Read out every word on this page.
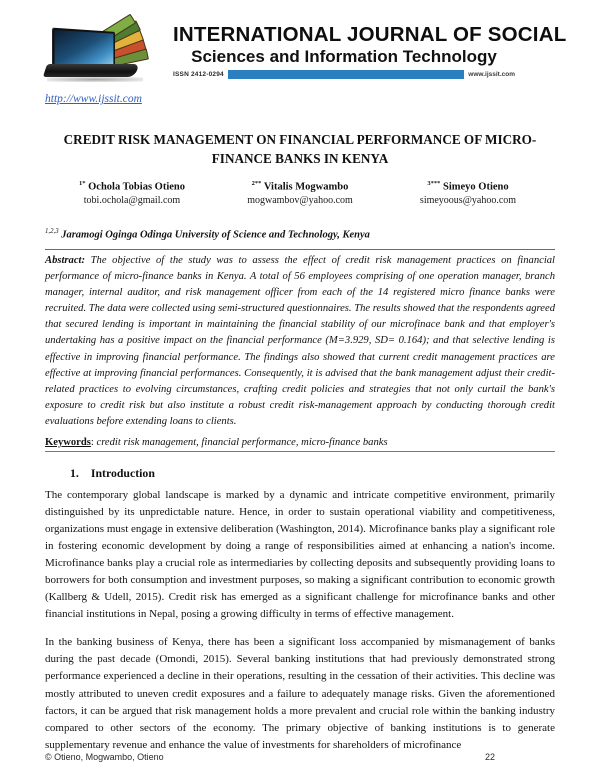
INTERNATIONAL JOURNAL OF SOCIAL
Sciences and Information Technology
ISSN 2412-0294	www.ijssit.com
http://www.ijssit.com
CREDIT RISK MANAGEMENT ON FINANCIAL PERFORMANCE OF MICRO-FINANCE BANKS IN KENYA
$^{1*}$ Ochola Tobias Otieno
tobi.ochola@gmail.com
$^{2**}$ Vitalis Mogwambo
mogwambov@yahoo.com
$^{3***}$ Simeyo Otieno
simeyoous@yahoo.com
$^{1,2,3}$ Jaramogi Oginga Odinga University of Science and Technology, Kenya
Abstract: The objective of the study was to assess the effect of credit risk management practices on financial performance of micro-finance banks in Kenya. A total of 56 employees comprising of one operation manager, branch manager, internal auditor, and risk management officer from each of the 14 registered micro finance banks were recruited. The data were collected using semi-structured questionnaires. The results showed that the respondents agreed that secured lending is important in maintaining the financial stability of our microfinace bank and that employer's undertaking has a positive impact on the financial performance (M=3.929, SD= 0.164); and that selective lending is effective in improving financial performance. The findings also showed that current credit management practices are effective at improving financial performances. Consequently, it is advised that the bank management adjust their credit-related practices to evolving circumstances, crafting credit policies and strategies that not only curtail the bank's exposure to credit risk but also institute a robust credit risk-management approach by conducting thorough credit evaluations before extending loans to clients.
Keywords: credit risk management, financial performance, micro-finance banks
1. Introduction

The contemporary global landscape is marked by a dynamic and intricate competitive environment, primarily distinguished by its unpredictable nature. Hence, in order to sustain operational viability and competitiveness, organizations must engage in extensive deliberation (Washington, 2014). Microfinance banks play a significant role in fostering economic development by doing a range of responsibilities aimed at enhancing a nation's income. Microfinance banks play a crucial role as intermediaries by collecting deposits and subsequently providing loans to borrowers for both consumption and investment purposes, so making a significant contribution to economic growth (Kallberg & Udell, 2015). Credit risk has emerged as a significant challenge for microfinance banks and other financial institutions in Nepal, posing a growing difficulty in terms of effective management.

In the banking business of Kenya, there has been a significant loss accompanied by mismanagement of banks during the past decade (Omondi, 2015). Several banking institutions that had previously demonstrated strong performance experienced a decline in their operations, resulting in the cessation of their activities. This decline was mostly attributed to uneven credit exposures and a failure to adequately manage risks. Given the aforementioned factors, it can be argued that risk management holds a more prevalent and crucial role within the banking industry compared to other sectors of the economy. The primary objective of banking institutions is to generate supplementary revenue and enhance the value of investments for shareholders of microfinance

© Otieno, Mogwambo, Otieno	22
